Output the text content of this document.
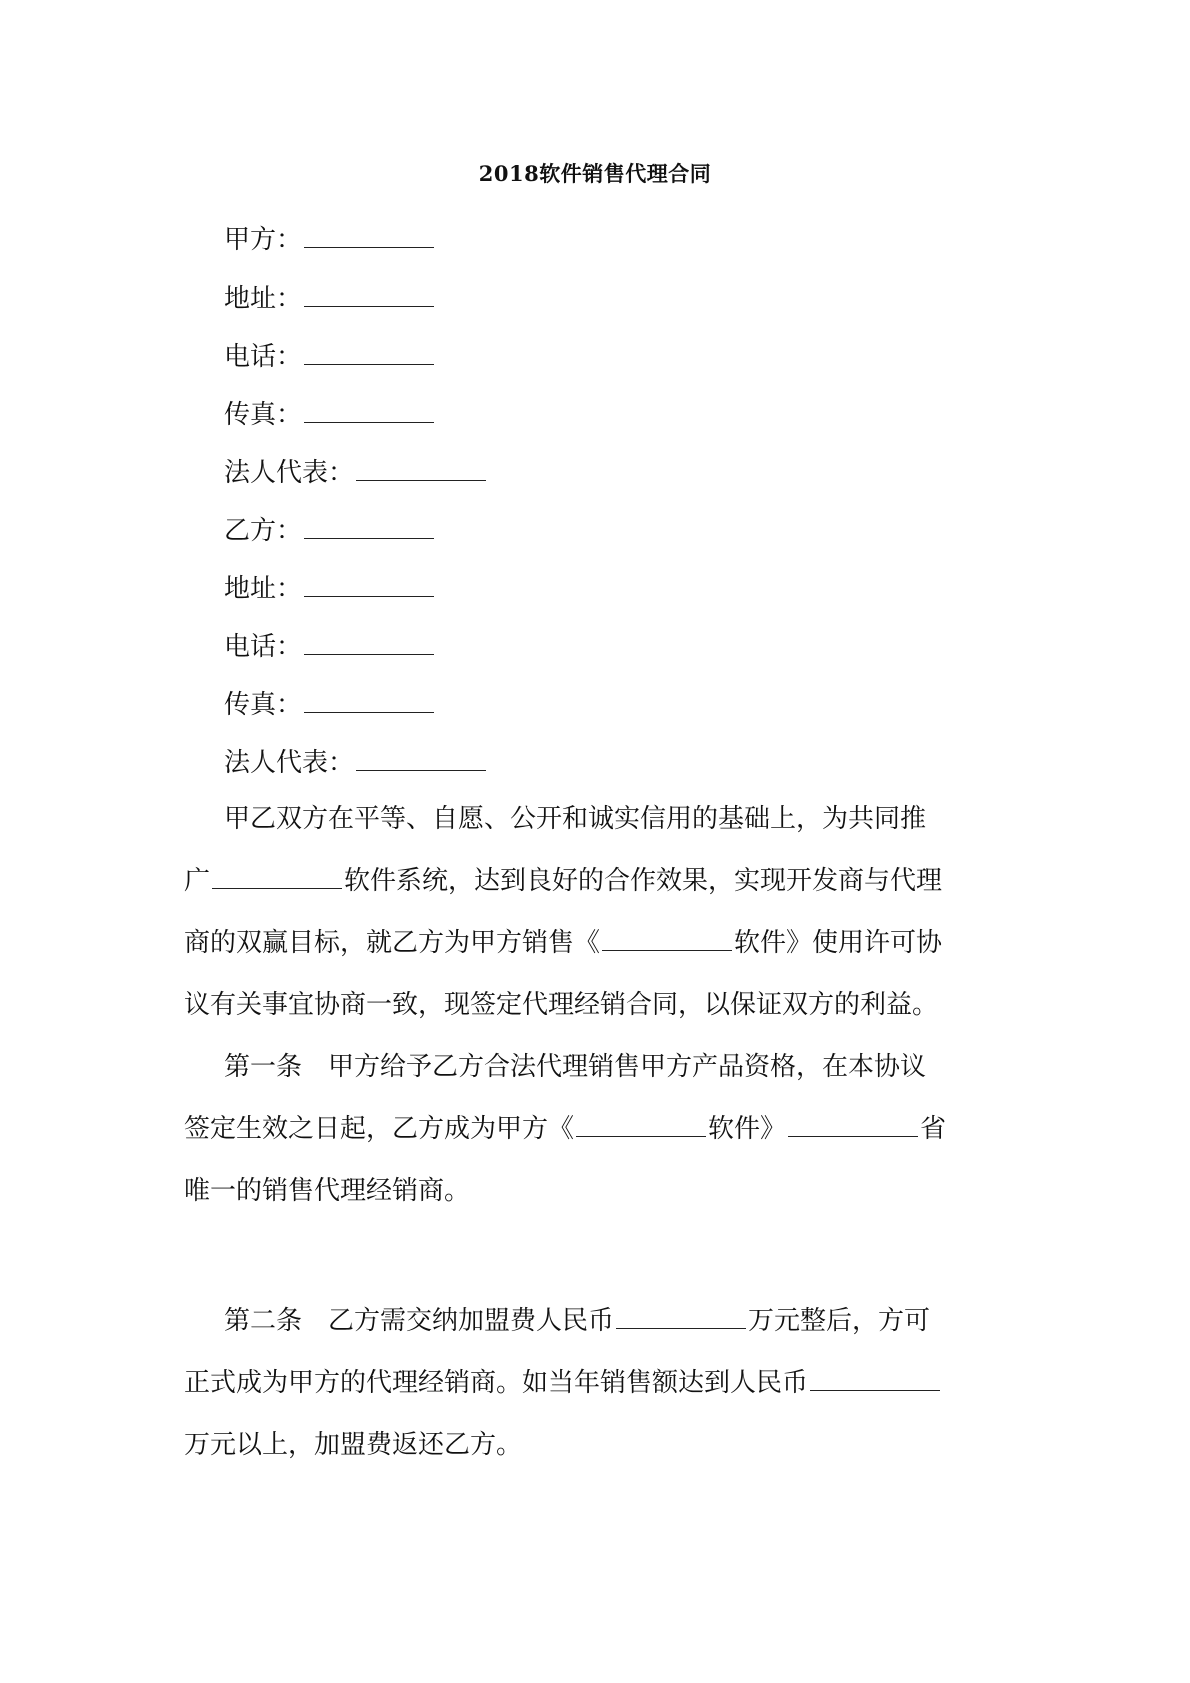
2018软件销售代理合同
甲方：
地址：
电话：
传真：
法人代表：
乙方：
地址：
电话：
传真：
法人代表：
甲乙双方在平等、自愿、公开和诚实信用的基础上，为共同推
广	软件系统，达到良好的合作效果，实现开发商与代理
商的双赢目标，就乙方为甲方销售《	软件》使用许可协
议有关事宜协商一致，现签定代理经销合同，以保证双方的利益。
第一条　甲方给予乙方合法代理销售甲方产品资格，在本协议
签定生效之日起，乙方成为甲方《	软件》	省
唯一的销售代理经销商。
第二条　乙方需交纳加盟费人民币	万元整后，方可
正式成为甲方的代理经销商。如当年销售额达到人民币
万元以上，加盟费返还乙方。
